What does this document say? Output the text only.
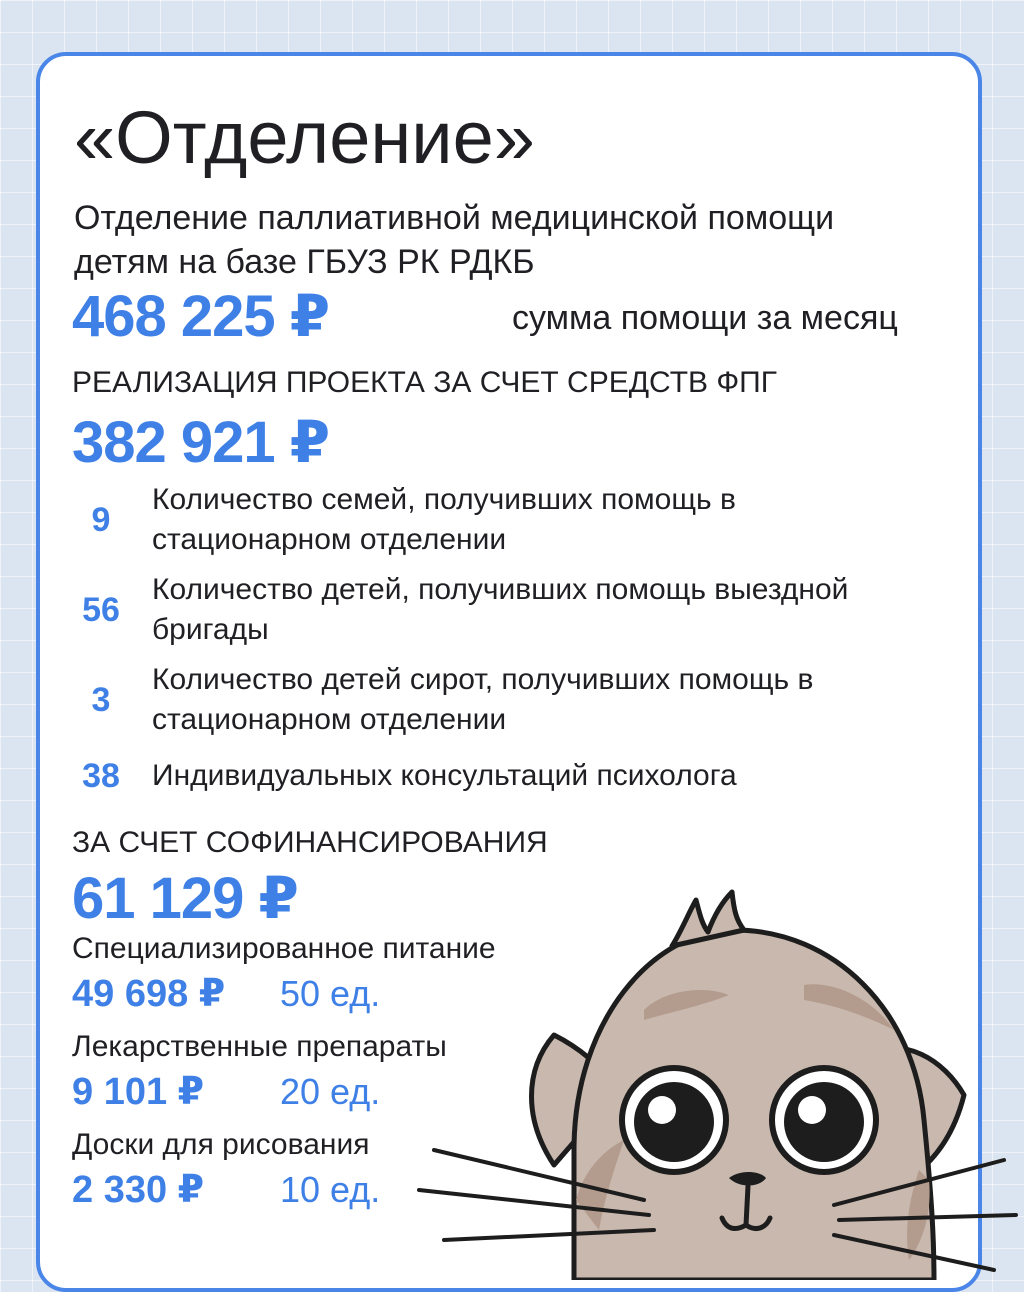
«Отделение»
Отделение паллиативной медицинской помощи детям на базе ГБУЗ РК РДКБ
468 225 ₽	сумма помощи за месяц
РЕАЛИЗАЦИЯ ПРОЕКТА ЗА СЧЕТ СРЕДСТВ ФПГ
382 921 ₽
9
Количество семей, получивших помощь в стационарном отделении
56
Количество детей, получивших помощь выездной бригады
3
Количество детей сирот, получивших помощь в стационарном отделении
38	Индивидуальных консультаций психолога
ЗА СЧЕТ СОФИНАНСИРОВАНИЯ
61 129 ₽
Специализированное питание
49 698 ₽ 50 ед.
Лекарственные препараты
9 101 ₽ 20 ед.
Доски для рисования
2 330 ₽ 10 ед.
